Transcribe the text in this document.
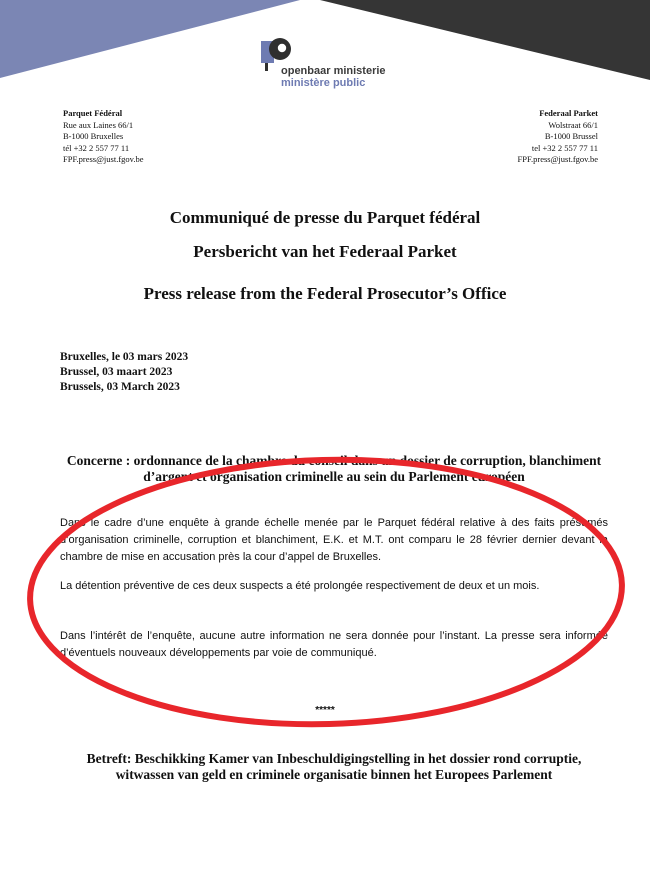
openbaar ministerie
ministère public
Parquet Fédéral
Rue aux Laines 66/1
B-1000 Bruxelles
tél +32 2 557 77 11
FPF.press@just.fgov.be
Federaal Parket
Wolstraat 66/1
B-1000 Brussel
tel +32 2 557 77 11
FPF.press@just.fgov.be
Communiqué de presse du Parquet fédéral
Persbericht van het Federaal Parket
Press release from the Federal Prosecutor’s Office
Bruxelles, le 03 mars 2023
Brussel, 03 maart 2023
Brussels, 03 March 2023
Concerne : ordonnance de la chambre du conseil dans un dossier de corruption, blanchiment d’argent et organisation criminelle au sein du Parlement européen
Dans le cadre d’une enquête à grande échelle menée par le Parquet fédéral relative à des faits présumés d’organisation criminelle, corruption et blanchiment, E.K. et M.T. ont comparu le 28 février dernier devant la chambre de mise en accusation près la cour d’appel de Bruxelles.
La détention préventive de ces deux suspects a été prolongée respectivement de deux et un mois.
Dans l’intérêt de l’enquête, aucune autre information ne sera donnée pour l’instant. La presse sera informée d’éventuels nouveaux développements par voie de communiqué.
*****
Betreft: Beschikking Kamer van Inbeschuldigingstelling in het dossier rond corruptie, witwassen van geld en criminele organisatie binnen het Europees Parlement
